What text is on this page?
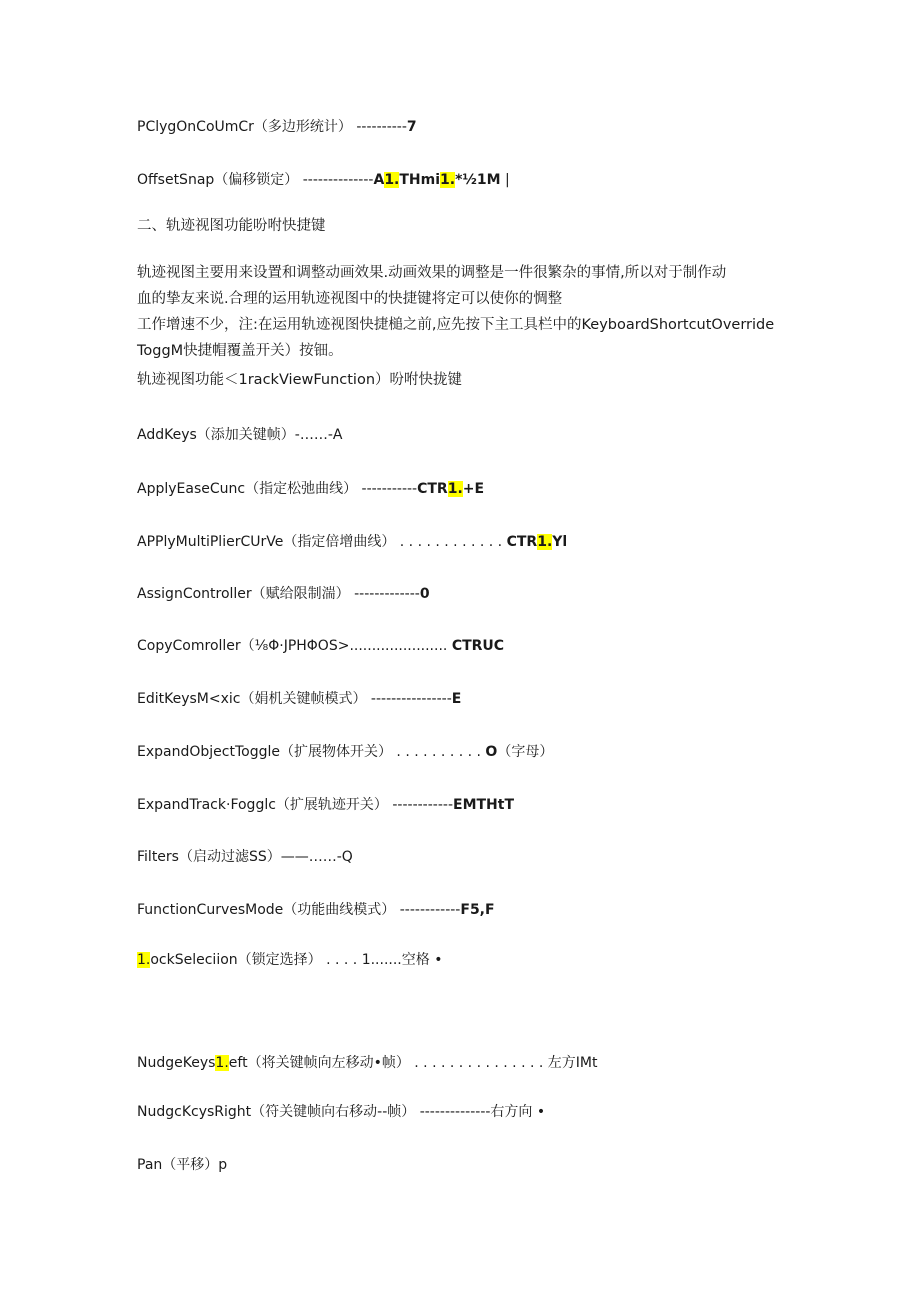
PClygOnCoUmCr（多边形统计） ----------7
OffsetSnap（偏移锁定） --------------A1.THmi1.*½1M |
二、轨迹视图功能吩咐快捷键
轨迹视图主要用来设置和调整动画效果.动画效果的调整是一件很繁杂的事情,所以对于制作动
血的挚友来说.合理的运用轨迹视图中的快捷键将定可以使你的惆整
工作增速不少，注:在运用轨迹视图快捷槌之前,应先按下主工具栏中的KeyboardShortcutOverride
ToggM快捷帽覆盖开关）按钿。
轨迹视图功能＜1rackViewFunction）吩咐快拢键
AddKeys（添加关键帧）-……-A
ApplyEaseCunc（指定松弛曲线） -----------CTR1.+E
APPlyMultiPlierCUrVe（指定倍增曲线） . . . . . . . . . . . . CTR1.Yl
AssignController（赋给限制湍） -------------0
CopyComroller（⅛Φ·JPHΦOS>...................... CTRUC
EditKeysM<xic（娟机关键帧模式） ----------------E
ExpandObjectToggle（扩展物体开关） . . . . . . . . . . O（字母）
ExpandTrack·Fogglc（扩展轨迹开关） ------------EMTHtT
Filters（启动过滤SS）——……-Q
FunctionCurvesMode（功能曲线模式） ------------F5,F
1.ockSeleciion（锁定选择） . . . . 1.......空格 •
NudgeKeys1.eft（将关键帧向左移动•帧） . . . . . . . . . . . . . . . 左方IMt
NudgcKcysRight（符关键帧向右移动--帧） --------------右方向 •
Pan（平移）p
